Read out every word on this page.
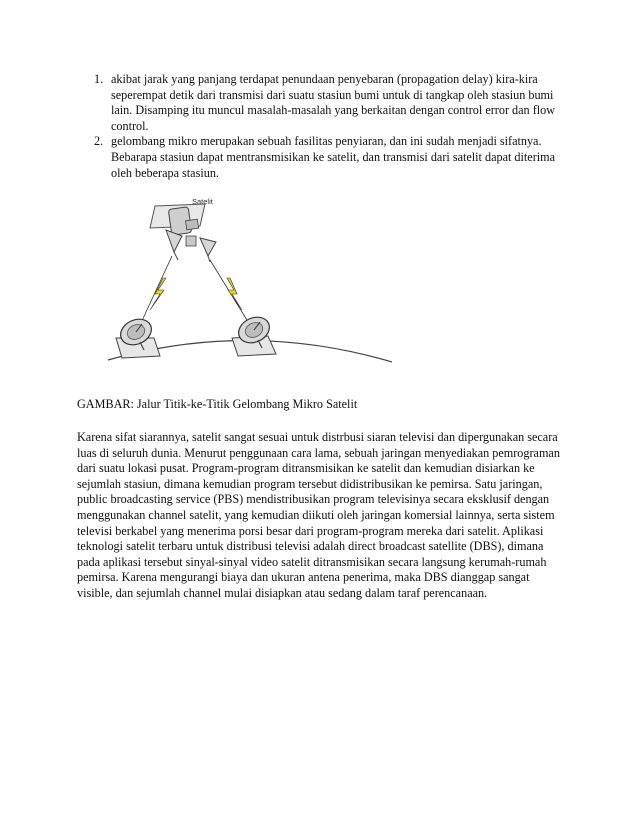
1. akibat jarak yang panjang terdapat penundaan penyebaran (propagation delay) kira-kira seperempat detik dari transmisi dari suatu stasiun bumi untuk di tangkap oleh stasiun bumi lain. Disamping itu muncul masalah-masalah yang berkaitan dengan control error dan flow control.
2. gelombang mikro merupakan sebuah fasilitas penyiaran, dan ini sudah menjadi sifatnya. Bebarapa stasiun dapat mentransmisikan ke satelit, dan transmisi dari satelit dapat diterima oleh beberapa stasiun.
Satelit

GAMBAR: Jalur Titik-ke-Titik Gelombang Mikro Satelit

Karena sifat siarannya, satelit sangat sesuai untuk distrbusi siaran televisi dan dipergunakan secara luas di seluruh dunia. Menurut penggunaan cara lama, sebuah jaringan menyediakan pemrograman dari suatu lokasi pusat. Program-program ditransmisikan ke satelit dan kemudian disiarkan ke sejumlah stasiun, dimana kemudian program tersebut didistribusikan ke pemirsa. Satu jaringan, public broadcasting service (PBS) mendistribusikan program televisinya secara eksklusif dengan menggunakan channel satelit, yang kemudian diikuti oleh jaringan komersial lainnya, serta sistem televisi berkabel yang menerima porsi besar dari program-program mereka dari satelit. Aplikasi teknologi satelit terbaru untuk distribusi televisi adalah direct broadcast satellite (DBS), dimana pada aplikasi tersebut sinyal-sinyal video satelit ditransmisikan secara langsung kerumah-rumah pemirsa. Karena mengurangi biaya dan ukuran antena penerima, maka DBS dianggap sangat visible, dan sejumlah channel mulai disiapkan atau sedang dalam taraf perencanaan.
